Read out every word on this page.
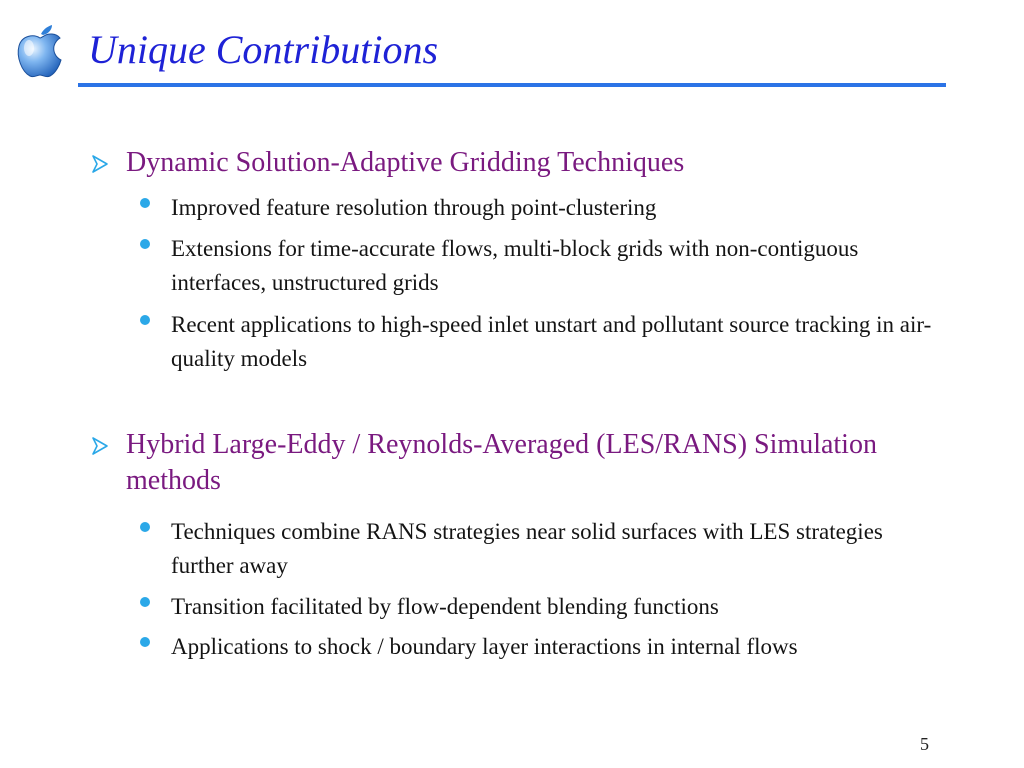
Unique Contributions
Dynamic Solution-Adaptive Gridding Techniques
Improved feature resolution through point-clustering
Extensions for time-accurate flows, multi-block grids with non-contiguous interfaces, unstructured grids
Recent applications to high-speed inlet unstart and pollutant source tracking in air-quality models
Hybrid Large-Eddy / Reynolds-Averaged (LES/RANS) Simulation methods
Techniques combine RANS strategies near solid surfaces with LES strategies further away
Transition facilitated by flow-dependent blending functions
Applications to shock / boundary layer interactions in internal flows
5
